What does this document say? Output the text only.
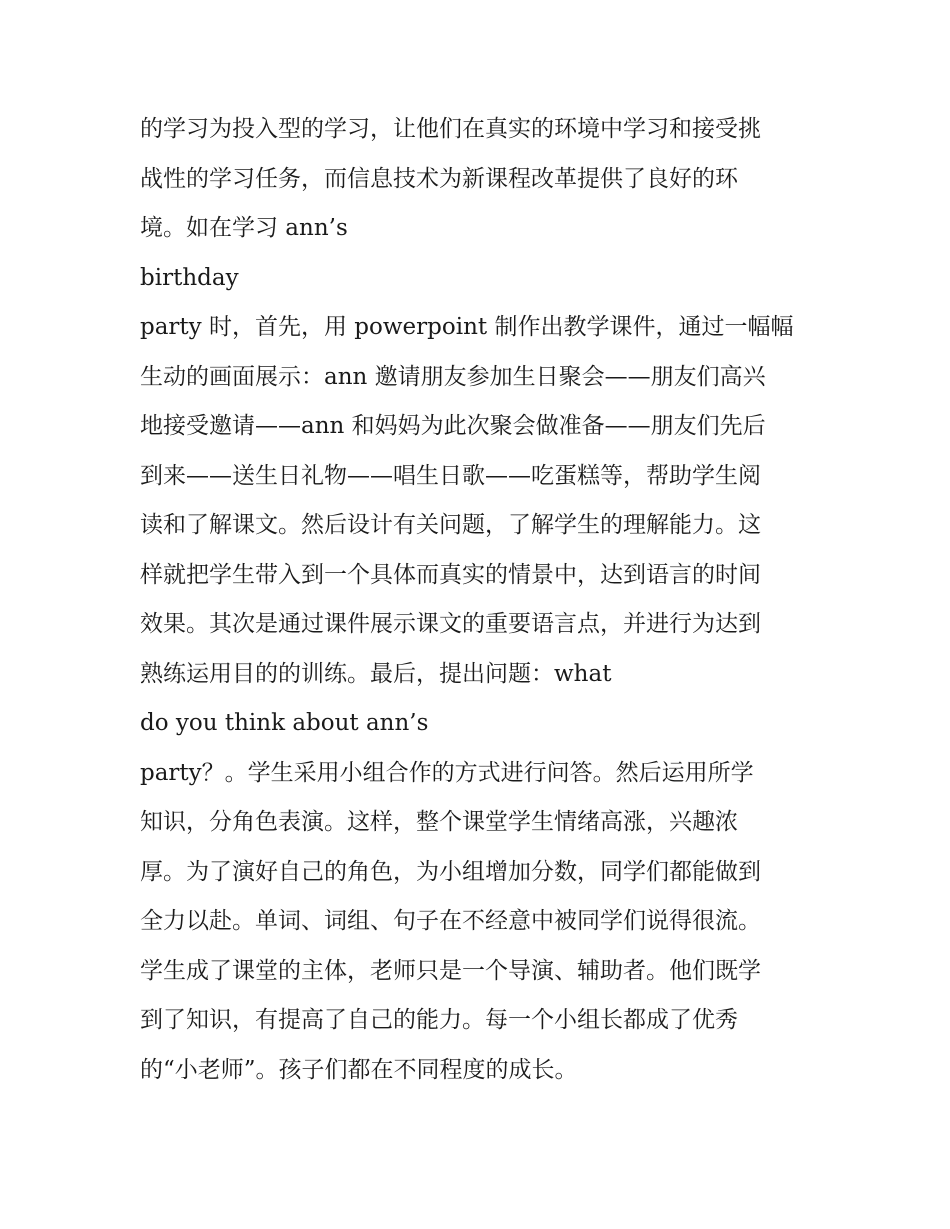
的学习为投入型的学习，让他们在真实的环境中学习和接受挑
战性的学习任务，而信息技术为新课程改革提供了良好的环
境。如在学习 ann’s
birthday
party 时，首先，用 powerpoint 制作出教学课件，通过一幅幅
生动的画面展示：ann 邀请朋友参加生日聚会——朋友们高兴
地接受邀请——ann 和妈妈为此次聚会做准备——朋友们先后
到来——送生日礼物——唱生日歌——吃蛋糕等，帮助学生阅
读和了解课文。然后设计有关问题，了解学生的理解能力。这
样就把学生带入到一个具体而真实的情景中，达到语言的时间
效果。其次是通过课件展示课文的重要语言点，并进行为达到
熟练运用目的的训练。最后，提出问题：what
do you think about ann’s
party？。学生采用小组合作的方式进行问答。然后运用所学
知识，分角色表演。这样，整个课堂学生情绪高涨，兴趣浓
厚。为了演好自己的角色，为小组增加分数，同学们都能做到
全力以赴。单词、词组、句子在不经意中被同学们说得很流。
学生成了课堂的主体，老师只是一个导演、辅助者。他们既学
到了知识，有提高了自己的能力。每一个小组长都成了优秀
的“小老师”。孩子们都在不同程度的成长。
